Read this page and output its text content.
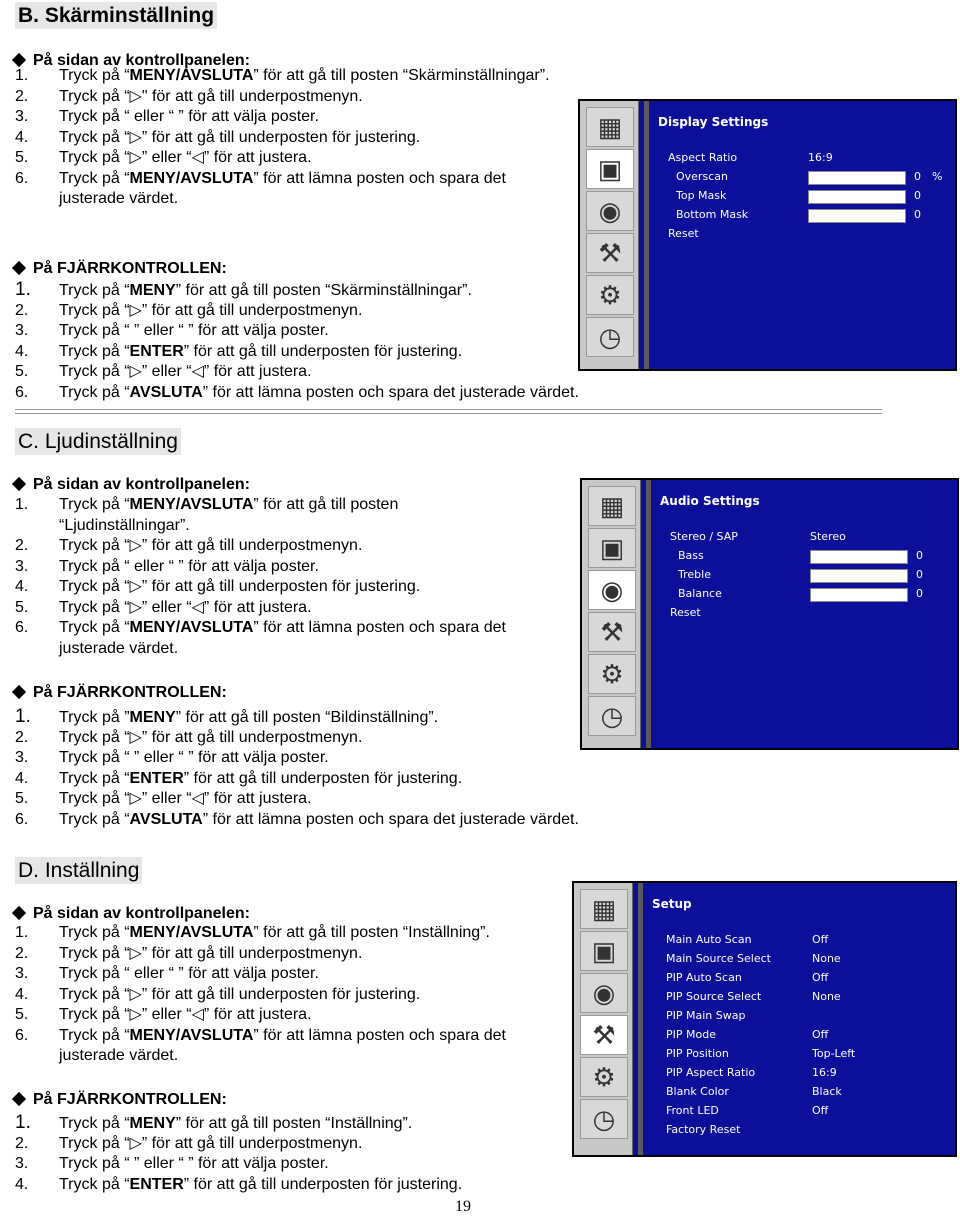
B. Skärminställning
På sidan av kontrollpanelen:
1. Tryck på “MENY/AVSLUTA” för att gå till posten “Skärminställningar”.
2. Tryck på “▷" för att gå till underpostmenyn.
3. Tryck på “ eller “ ” för att välja poster.
4. Tryck på “▷” för att gå till underposten för justering.
5. Tryck på “▷” eller “◁” för att justera.
6. Tryck på “MENY/AVSLUTA” för att lämna posten och spara det
justerade värdet.
På FJÄRRKONTROLLEN:
1. Tryck på “MENY” för att gå till posten “Skärminställningar”.
2. Tryck på “▷” för att gå till underpostmenyn.
3. Tryck på “ ” eller “ ” för att välja poster.
4. Tryck på “ENTER” för att gå till underposten för justering.
5. Tryck på “▷” eller “◁” för att justera.
6. Tryck på “AVSLUTA” för att lämna posten och spara det justerade värdet.
▦
▣
◉
⚒
⚙
◷
Display Settings
Aspect Ratio	16:9
Overscan	0 %
Top Mask	0
Bottom Mask	0
Reset
C. Ljudinställning
På sidan av kontrollpanelen:
1. Tryck på “MENY/AVSLUTA” för att gå till posten
“Ljudinställningar”.
2. Tryck på “▷” för att gå till underpostmenyn.
3. Tryck på “ eller “ ” för att välja poster.
4. Tryck på “▷” för att gå till underposten för justering.
5. Tryck på “▷” eller “◁” för att justera.
6. Tryck på “MENY/AVSLUTA” för att lämna posten och spara det
justerade värdet.
På FJÄRRKONTROLLEN:
1. Tryck på ”MENY” för att gå till posten “Bildinställning”.
2. Tryck på “▷” för att gå till underpostmenyn.
3. Tryck på “ ” eller “ ” för att välja poster.
4. Tryck på “ENTER” för att gå till underposten för justering.
5. Tryck på “▷” eller “◁” för att justera.
6. Tryck på “AVSLUTA” för att lämna posten och spara det justerade värdet.
▦
▣
◉
⚒
⚙
◷
Audio Settings
Stereo / SAP	Stereo
Bass	0
Treble	0
Balance	0
Reset
D. Inställning
På sidan av kontrollpanelen:
1. Tryck på “MENY/AVSLUTA” för att gå till posten “Inställning”.
2. Tryck på “▷” för att gå till underpostmenyn.
3. Tryck på “ eller “ ” för att välja poster.
4. Tryck på “▷” för att gå till underposten för justering.
5. Tryck på “▷” eller “◁” för att justera.
6. Tryck på “MENY/AVSLUTA” för att lämna posten och spara det
justerade värdet.
På FJÄRRKONTROLLEN:
1. Tryck på “MENY” för att gå till posten “Inställning”.
2. Tryck på “▷” för att gå till underpostmenyn.
3. Tryck på “ ” eller “ ” för att välja poster.
4. Tryck på “ENTER” för att gå till underposten för justering.
▦
▣
◉
⚒
⚙
◷
Setup
Main Auto Scan	Off
Main Source Select	None
PIP Auto Scan	Off
PIP Source Select	None
PIP Main Swap
PIP Mode	Off
PIP Position	Top-Left
PIP Aspect Ratio	16:9
Blank Color	Black
Front LED	Off
Factory Reset
19
